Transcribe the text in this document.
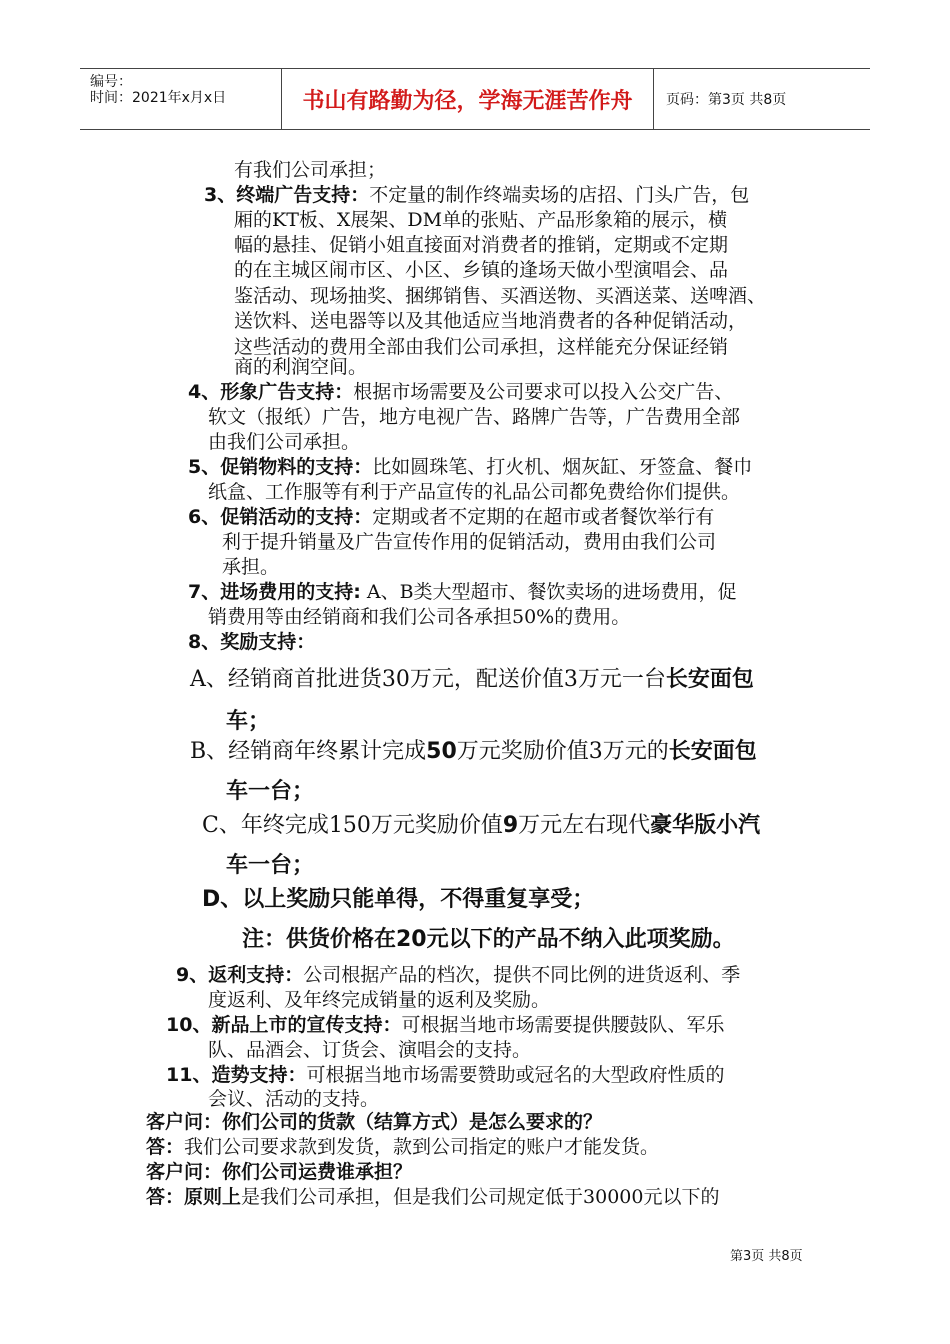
编号：
时间：2021年x月x日	书山有路勤为径，学海无涯苦作舟	页码：第3页 共8页
有我们公司承担；
3、终端广告支持：不定量的制作终端卖场的店招、门头广告，包
厢的KT板、X展架、DM单的张贴、产品形象箱的展示，横
幅的悬挂、促销小姐直接面对消费者的推销，定期或不定期
的在主城区闹市区、小区、乡镇的逢场天做小型演唱会、品
鉴活动、现场抽奖、捆绑销售、买酒送物、买酒送菜、送啤酒、
送饮料、送电器等以及其他适应当地消费者的各种促销活动，
这些活动的费用全部由我们公司承担，这样能充分保证经销
商的利润空间。
4、形象广告支持：根据市场需要及公司要求可以投入公交广告、
软文（报纸）广告，地方电视广告、路牌广告等，广告费用全部
由我们公司承担。
5、促销物料的支持：比如圆珠笔、打火机、烟灰缸、牙签盒、餐巾
纸盒、工作服等有利于产品宣传的礼品公司都免费给你们提供。
6、促销活动的支持：定期或者不定期的在超市或者餐饮举行有
利于提升销量及广告宣传作用的促销活动，费用由我们公司
承担。
7、进场费用的支持: A、B类大型超市、餐饮卖场的进场费用，促
销费用等由经销商和我们公司各承担50%的费用。
8、奖励支持：
A、经销商首批进货30万元，配送价值3万元一台长安面包
车；
B、经销商年终累计完成50万元奖励价值3万元的长安面包
车一台；
C、年终完成150万元奖励价值9万元左右现代豪华版小汽
车一台；
D、以上奖励只能单得，不得重复享受；
注：供货价格在20元以下的产品不纳入此项奖励。
9、返利支持：公司根据产品的档次，提供不同比例的进货返利、季
度返利、及年终完成销量的返利及奖励。
10、新品上市的宣传支持：可根据当地市场需要提供腰鼓队、军乐
队、品酒会、订货会、演唱会的支持。
11、造势支持：可根据当地市场需要赞助或冠名的大型政府性质的
会议、活动的支持。
客户问：你们公司的货款（结算方式）是怎么要求的？
答：我们公司要求款到发货，款到公司指定的账户才能发货。
客户问：你们公司运费谁承担？
答：原则上是我们公司承担，但是我们公司规定低于30000元以下的
第3页 共8页
